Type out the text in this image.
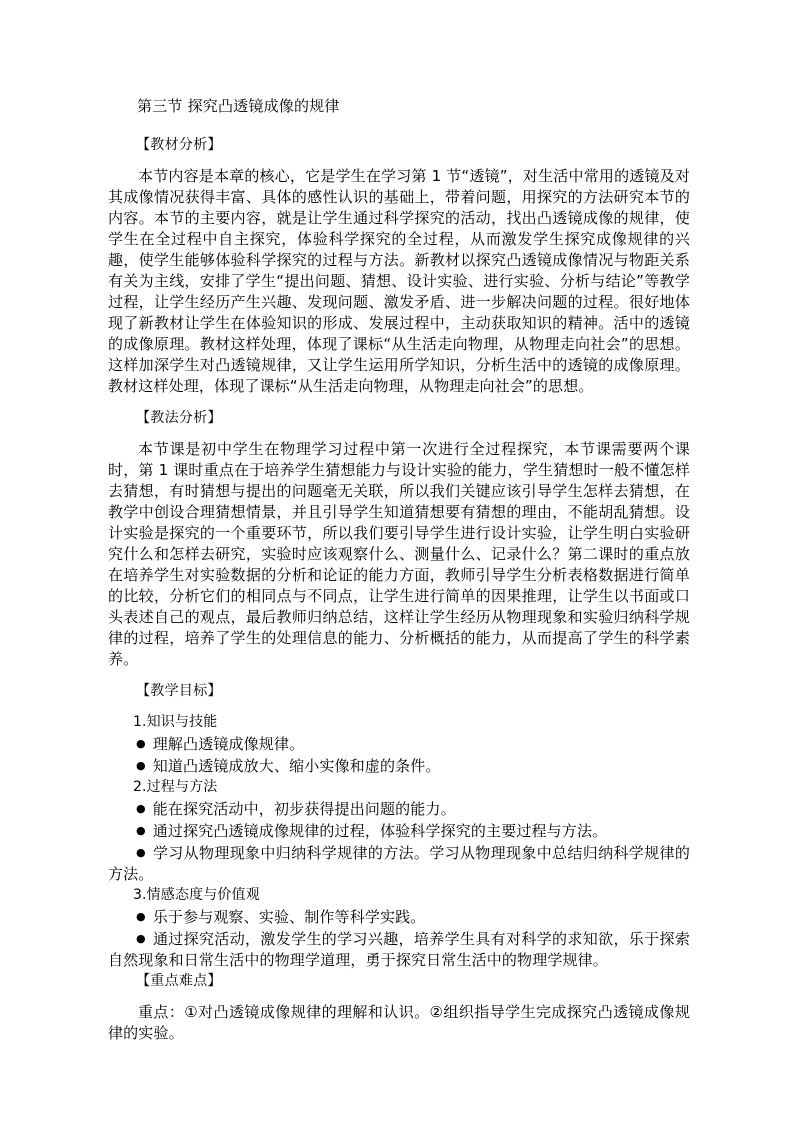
第三节 探究凸透镜成像的规律
【教材分析】

本节内容是本章的核心，它是学生在学习第 1 节“透镜”，对生活中常用的透镜及对其成像情况获得丰富、具体的感性认识的基础上，带着问题，用探究的方法研究本节的内容。本节的主要内容，就是让学生通过科学探究的活动，找出凸透镜成像的规律，使学生在全过程中自主探究，体验科学探究的全过程，从而激发学生探究成像规律的兴趣，使学生能够体验科学探究的过程与方法。新教材以探究凸透镜成像情况与物距关系有关为主线，安排了学生“提出问题、猜想、设计实验、进行实验、分析与结论”等教学过程，让学生经历产生兴趣、发现问题、激发矛盾、进一步解决问题的过程。很好地体现了新教材让学生在体验知识的形成、发展过程中，主动获取知识的精神。活中的透镜的成像原理。教材这样处理，体现了课标“从生活走向物理，从物理走向社会”的思想。这样加深学生对凸透镜规律，又让学生运用所学知识，分析生活中的透镜的成像原理。教材这样处理，体现了课标“从生活走向物理，从物理走向社会”的思想。

【教法分析】

本节课是初中学生在物理学习过程中第一次进行全过程探究，本节课需要两个课时，第 1 课时重点在于培养学生猜想能力与设计实验的能力，学生猜想时一般不懂怎样去猜想，有时猜想与提出的问题毫无关联，所以我们关键应该引导学生怎样去猜想，在教学中创设合理猜想情景，并且引导学生知道猜想要有猜想的理由，不能胡乱猜想。设计实验是探究的一个重要环节，所以我们要引导学生进行设计实验，让学生明白实验研究什么和怎样去研究，实验时应该观察什么、测量什么、记录什么？第二课时的重点放在培养学生对实验数据的分析和论证的能力方面，教师引导学生分析表格数据进行简单的比较，分析它们的相同点与不同点，让学生进行简单的因果推理，让学生以书面或口头表述自己的观点，最后教师归纳总结，这样让学生经历从物理现象和实验归纳科学规律的过程，培养了学生的处理信息的能力、分析概括的能力，从而提高了学生的科学素养。

【教学目标】
1.知识与技能

● 理解凸透镜成像规律。

● 知道凸透镜成放大、缩小实像和虚的条件。

2.过程与方法

● 能在探究活动中，初步获得提出问题的能力。

● 通过探究凸透镜成像规律的过程，体验科学探究的主要过程与方法。

● 学习从物理现象中归纳科学规律的方法。学习从物理现象中总结归纳科学规律的方法。

3.情感态度与价值观

● 乐于参与观察、实验、制作等科学实践。

● 通过探究活动，激发学生的学习兴趣，培养学生具有对科学的求知欲，乐于探索自然现象和日常生活中的物理学道理，勇于探究日常生活中的物理学规律。

【重点难点】

重点：①对凸透镜成像规律的理解和认识。②组织指导学生完成探究凸透镜成像规律的实验。
